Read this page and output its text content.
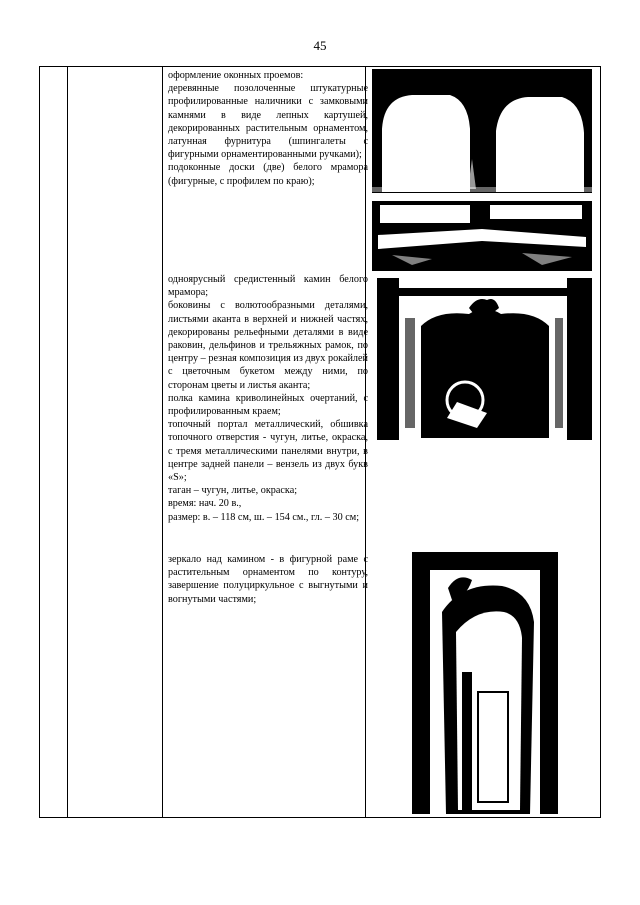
45

оформление оконных проемов:

деревянные позолоченные штукатурные профилированные наличники с замковыми камнями в виде лепных картушей, декорированных растительным орнаментом, латунная фурнитура (шпингалеты с фигурными орнаментированными ручками);

подоконные доски (две) белого мрамора (фигурные, с профилем по краю);

одноярусный средистенный камин белого мрамора;

боковины с волютообразными деталями, листьями аканта в верхней и нижней частях, декорированы рельефными деталями в виде раковин, дельфинов и трельяжных рамок, по центру – резная композиция из двух рокайлей с цветочным букетом между ними, по сторонам цветы и листья аканта;

полка камина криволинейных очертаний, с профилированным краем;

топочный портал металлический, обшивка топочного отверстия - чугун, литье, окраска, с тремя металлическими панелями внутри, в центре задней панели – вензель из двух букв «S»;

таган – чугун, литье, окраска;

время: нач. 20 в.,

размер: в. – 118 см, ш. – 154 см., гл. – 30 см;

зеркало над камином - в фигурной раме с растительным орнаментом по контуру, завершение полуциркульное с выгнутыми и вогнутыми частями;
